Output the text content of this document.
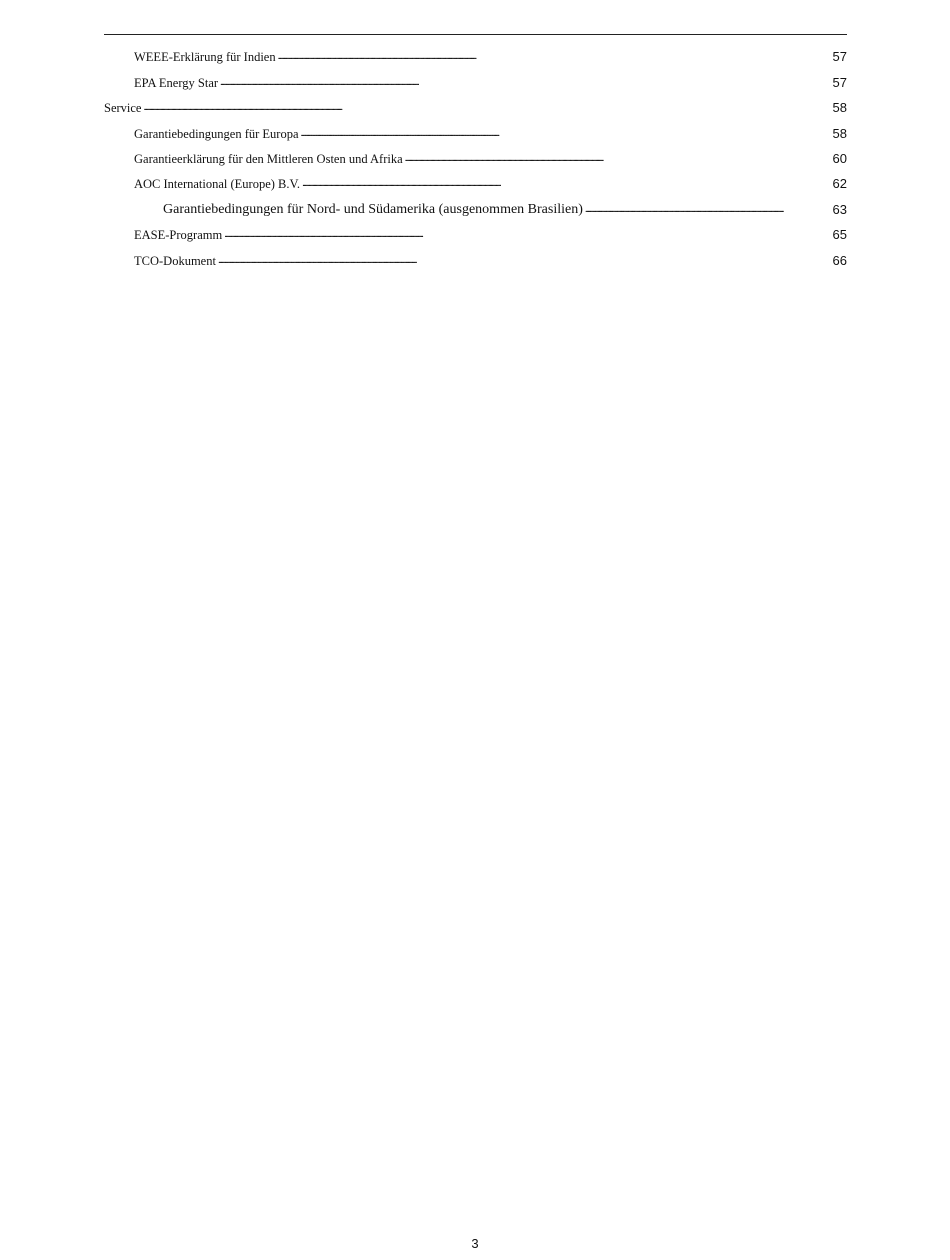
WEEE-Erklärung für Indien . . .	57
EPA Energy Star . . .	57
Service . . .	58
Garantiebedingungen für Europa . . .	58
Garantieerklärung für den Mittleren Osten und Afrika . . .	60
AOC International (Europe) B.V. . . .	62
Garantiebedingungen für Nord- und Südamerika (ausgenommen Brasilien) . . .	63
EASE-Programm . . .	65
TCO-Dokument . . .	66
3
